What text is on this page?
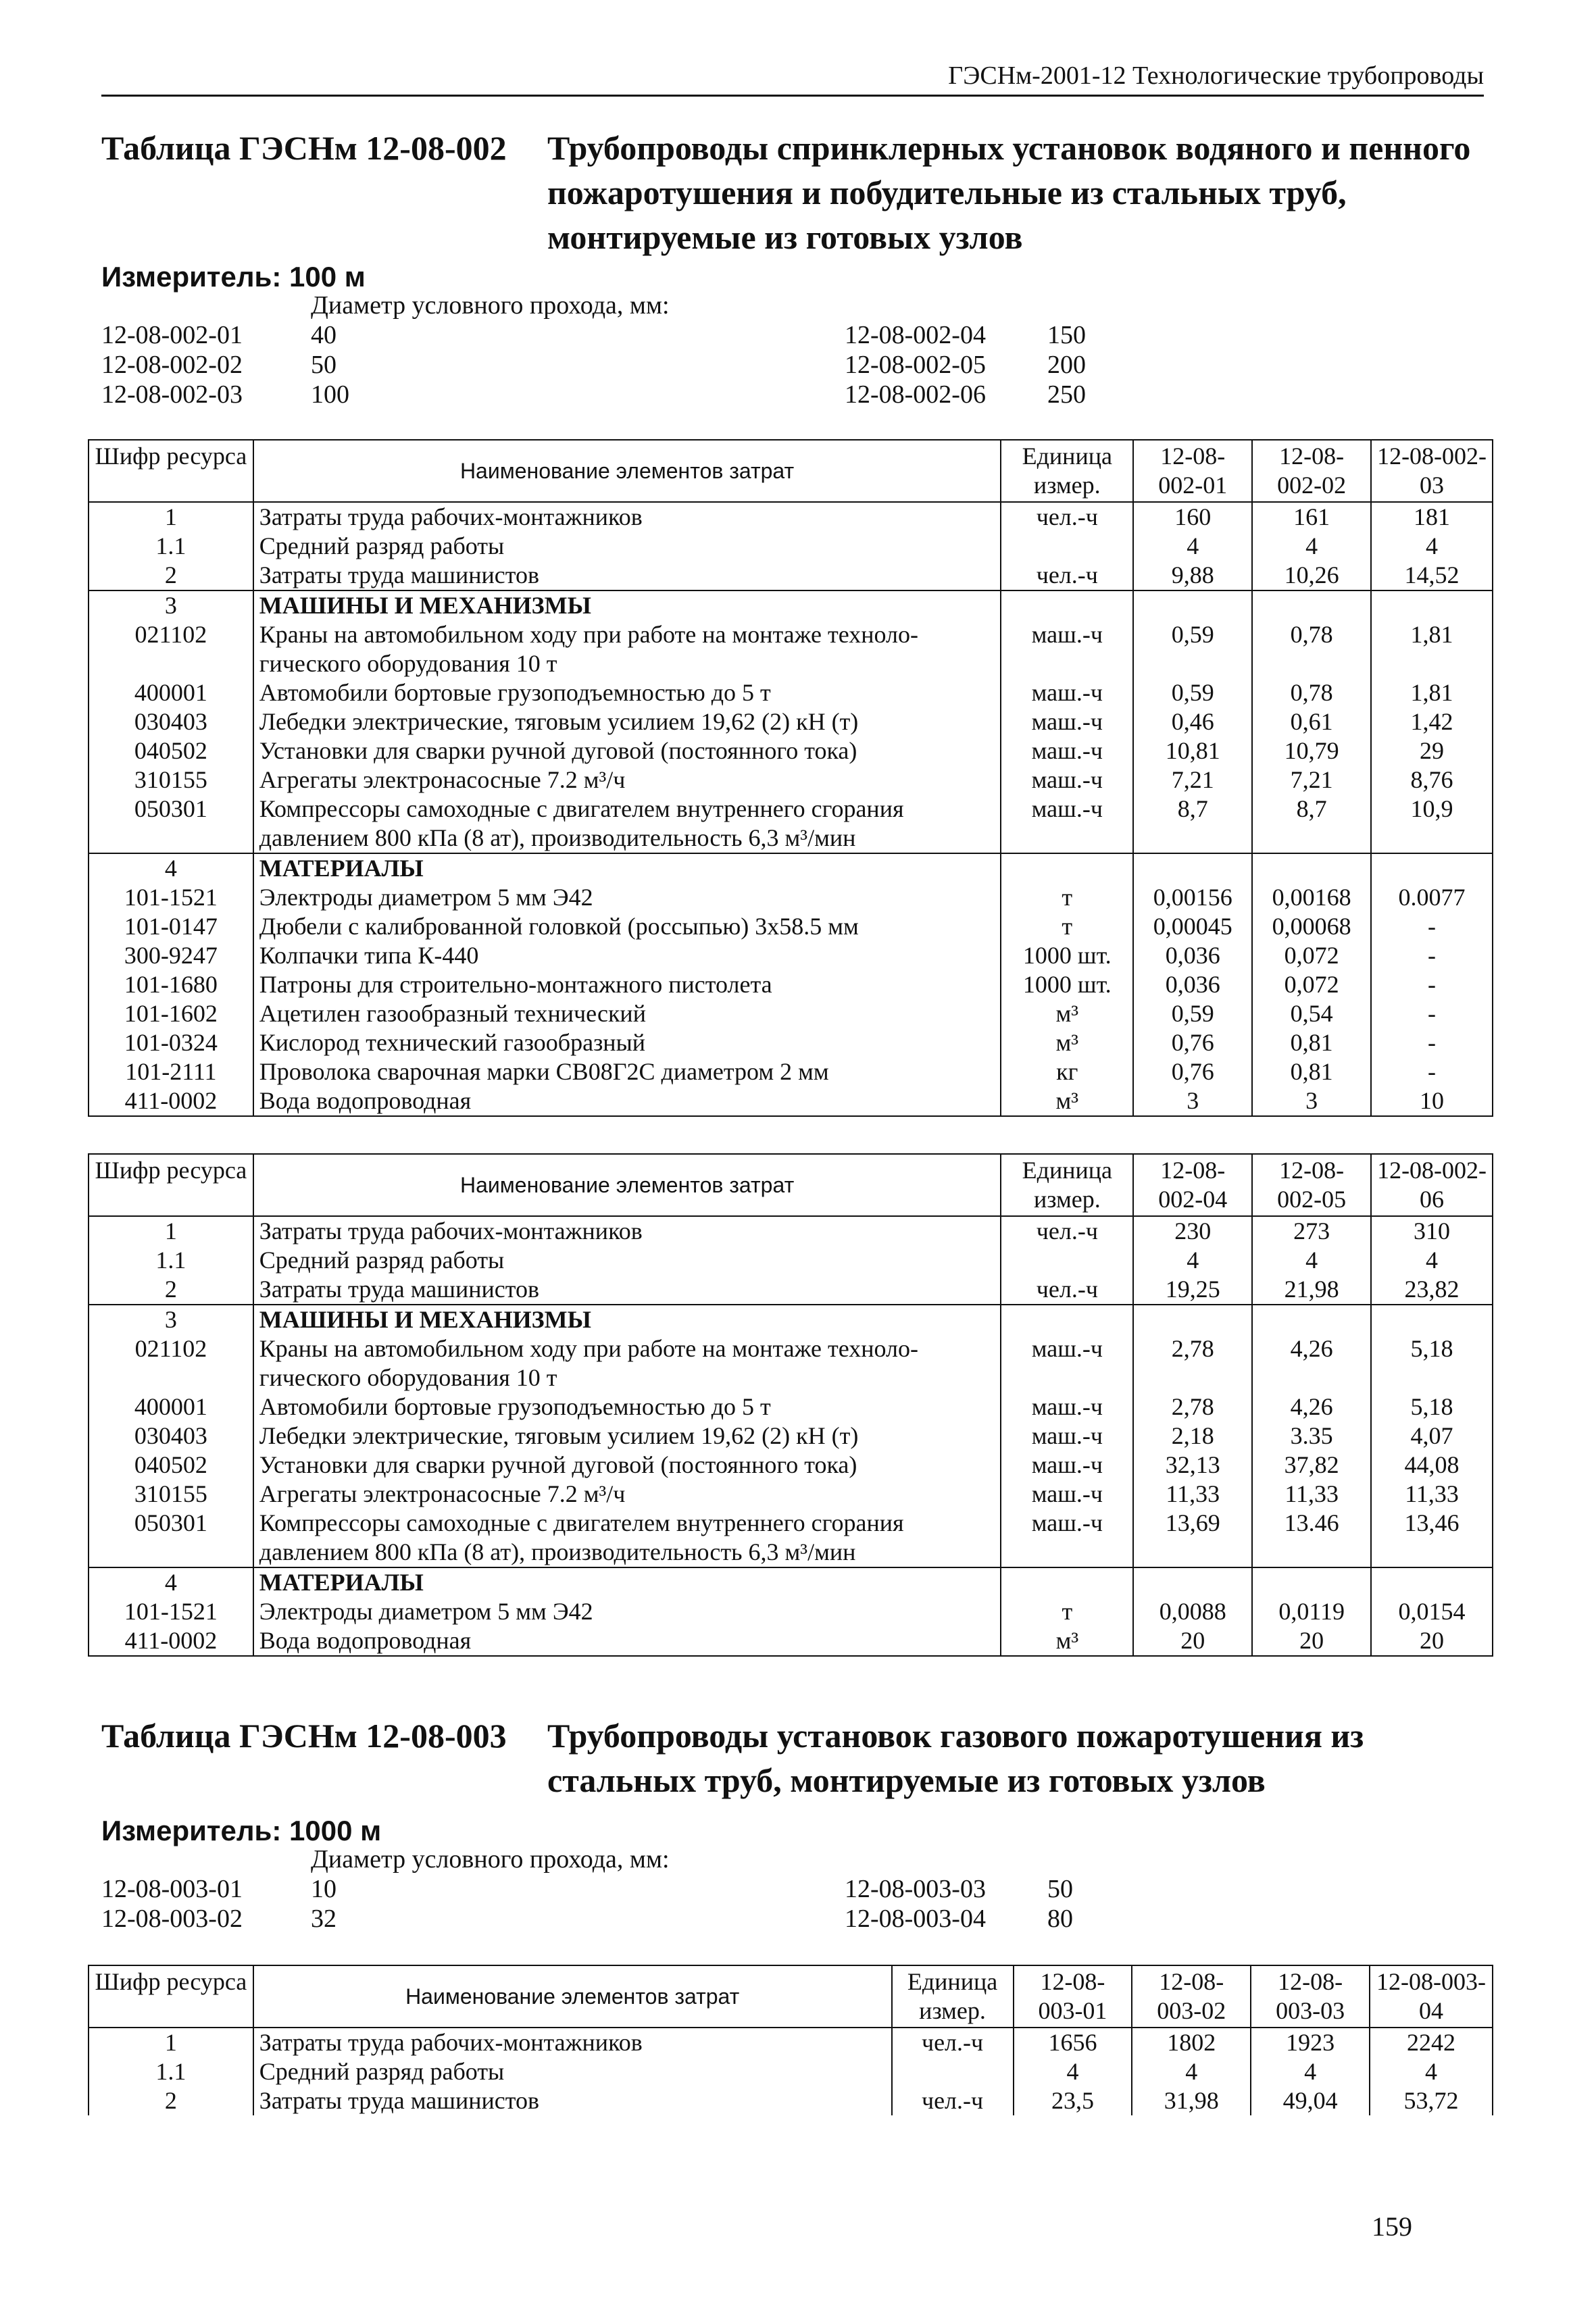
ГЭСНм-2001-12 Технологические трубопроводы
Таблица ГЭСНм 12-08-002 Трубопроводы спринклерных установок водяного и пенного пожаротушения и побудительные из стальных труб, монтируемые из готовых узлов
Измеритель: 100 м
Диаметр условного прохода, мм:
12-08-002-01	40	12-08-002-04 150
12-08-002-02	50	12-08-002-05 200
12-08-002-03	100	12-08-002-06 250
Шифр ресурса	Наименование элементов затрат	Единица измер.	12-08-002-01	12-08-002-02	12-08-002-03
1	Затраты труда рабочих-монтажников	чел.-ч	160	161	181
1.1	Средний разряд работы		4	4	4
2	Затраты труда машинистов	чел.-ч	9,88	10,26	14,52
3	МАШИНЫ И МЕХАНИЗМЫ				
021102	Краны на автомобильном ходу при работе на монтаже техноло-гического оборудования 10 т	маш.-ч	0,59	0,78	1,81
400001	Автомобили бортовые грузоподъемностью до 5 т	маш.-ч	0,59	0,78	1,81
030403	Лебедки электрические, тяговым усилием 19,62 (2) кН (т)	маш.-ч	0,46	0,61	1,42
040502	Установки для сварки ручной дуговой (постоянного тока)	маш.-ч	10,81	10,79	29
310155	Агрегаты электронасосные 7.2 м³/ч	маш.-ч	7,21	7,21	8,76
050301	Компрессоры самоходные с двигателем внутреннего сгорания давлением 800 кПа (8 ат), производительность 6,3 м³/мин	маш.-ч	8,7	8,7	10,9
4	МАТЕРИАЛЫ				
101-1521	Электроды диаметром 5 мм Э42	т	0,00156	0,00168	0.0077
101-0147	Дюбели с калиброванной головкой (россыпью) 3х58.5 мм	т	0,00045	0,00068	-
300-9247	Колпачки типа К-440	1000 шт.	0,036	0,072	-
101-1680	Патроны для строительно-монтажного пистолета	1000 шт.	0,036	0,072	-
101-1602	Ацетилен газообразный технический	м³	0,59	0,54	-
101-0324	Кислород технический газообразный	м³	0,76	0,81	-
101-2111	Проволока сварочная марки СВ08Г2С диаметром 2 мм	кг	0,76	0,81	-
411-0002	Вода водопроводная	м³	3	3	10
Шифр ресурса	Наименование элементов затрат	Единица измер.	12-08-002-04	12-08-002-05	12-08-002-06
1	Затраты труда рабочих-монтажников	чел.-ч	230	273	310
1.1	Средний разряд работы		4	4	4
2	Затраты труда машинистов	чел.-ч	19,25	21,98	23,82
3	МАШИНЫ И МЕХАНИЗМЫ				
021102	Краны на автомобильном ходу при работе на монтаже техноло-гического оборудования 10 т	маш.-ч	2,78	4,26	5,18
400001	Автомобили бортовые грузоподъемностью до 5 т	маш.-ч	2,78	4,26	5,18
030403	Лебедки электрические, тяговым усилием 19,62 (2) кН (т)	маш.-ч	2,18	3.35	4,07
040502	Установки для сварки ручной дуговой (постоянного тока)	маш.-ч	32,13	37,82	44,08
310155	Агрегаты электронасосные 7.2 м³/ч	маш.-ч	11,33	11,33	11,33
050301	Компрессоры самоходные с двигателем внутреннего сгорания давлением 800 кПа (8 ат), производительность 6,3 м³/мин	маш.-ч	13,69	13.46	13,46
4	МАТЕРИАЛЫ				
101-1521	Электроды диаметром 5 мм Э42	т	0,0088	0,0119	0,0154
411-0002	Вода водопроводная	м³	20	20	20
Таблица ГЭСНм 12-08-003 Трубопроводы установок газового пожаротушения из стальных труб, монтируемые из готовых узлов
Измеритель: 1000 м
Диаметр условного прохода, мм:
12-08-003-01	10	12-08-003-03 50
12-08-003-02	32	12-08-003-04 80
Шифр ресурса	Наименование элементов затрат	Единица измер.	12-08-003-01	12-08-003-02	12-08-003-03	12-08-003-04
1	Затраты труда рабочих-монтажников	чел.-ч	1656	1802	1923	2242
1.1	Средний разряд работы		4	4	4	4
2	Затраты труда машинистов	чел.-ч	23,5	31,98	49,04	53,72
159
